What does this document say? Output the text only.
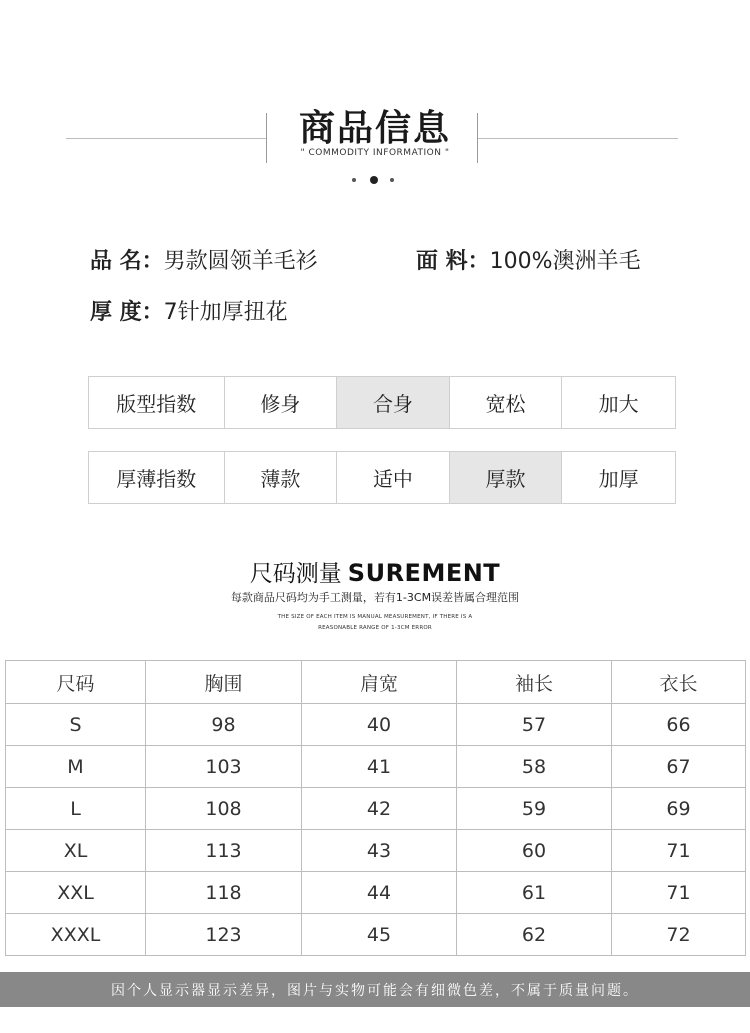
商品信息
" COMMODITY INFORMATION "
品 名：男款圆领羊毛衫	面 料：100%澳洲羊毛
厚 度：7针加厚扭花
版型指数	修身	合身	宽松	加大
厚薄指数	薄款	适中	厚款	加厚
尺码测量 SUREMENT
每款商品尺码均为手工测量，若有1-3CM误差皆属合理范围
THE SIZE OF EACH ITEM IS MANUAL MEASUREMENT, IF THERE IS A
REASONABLE RANGE OF 1-3CM ERROR
尺码	胸围	肩宽	袖长	衣长
S	98	40	57	66
M	103	41	58	67
L	108	42	59	69
XL	113	43	60	71
XXL	118	44	61	71
XXXL	123	45	62	72
因个人显示器显示差异，图片与实物可能会有细微色差，不属于质量问题。
